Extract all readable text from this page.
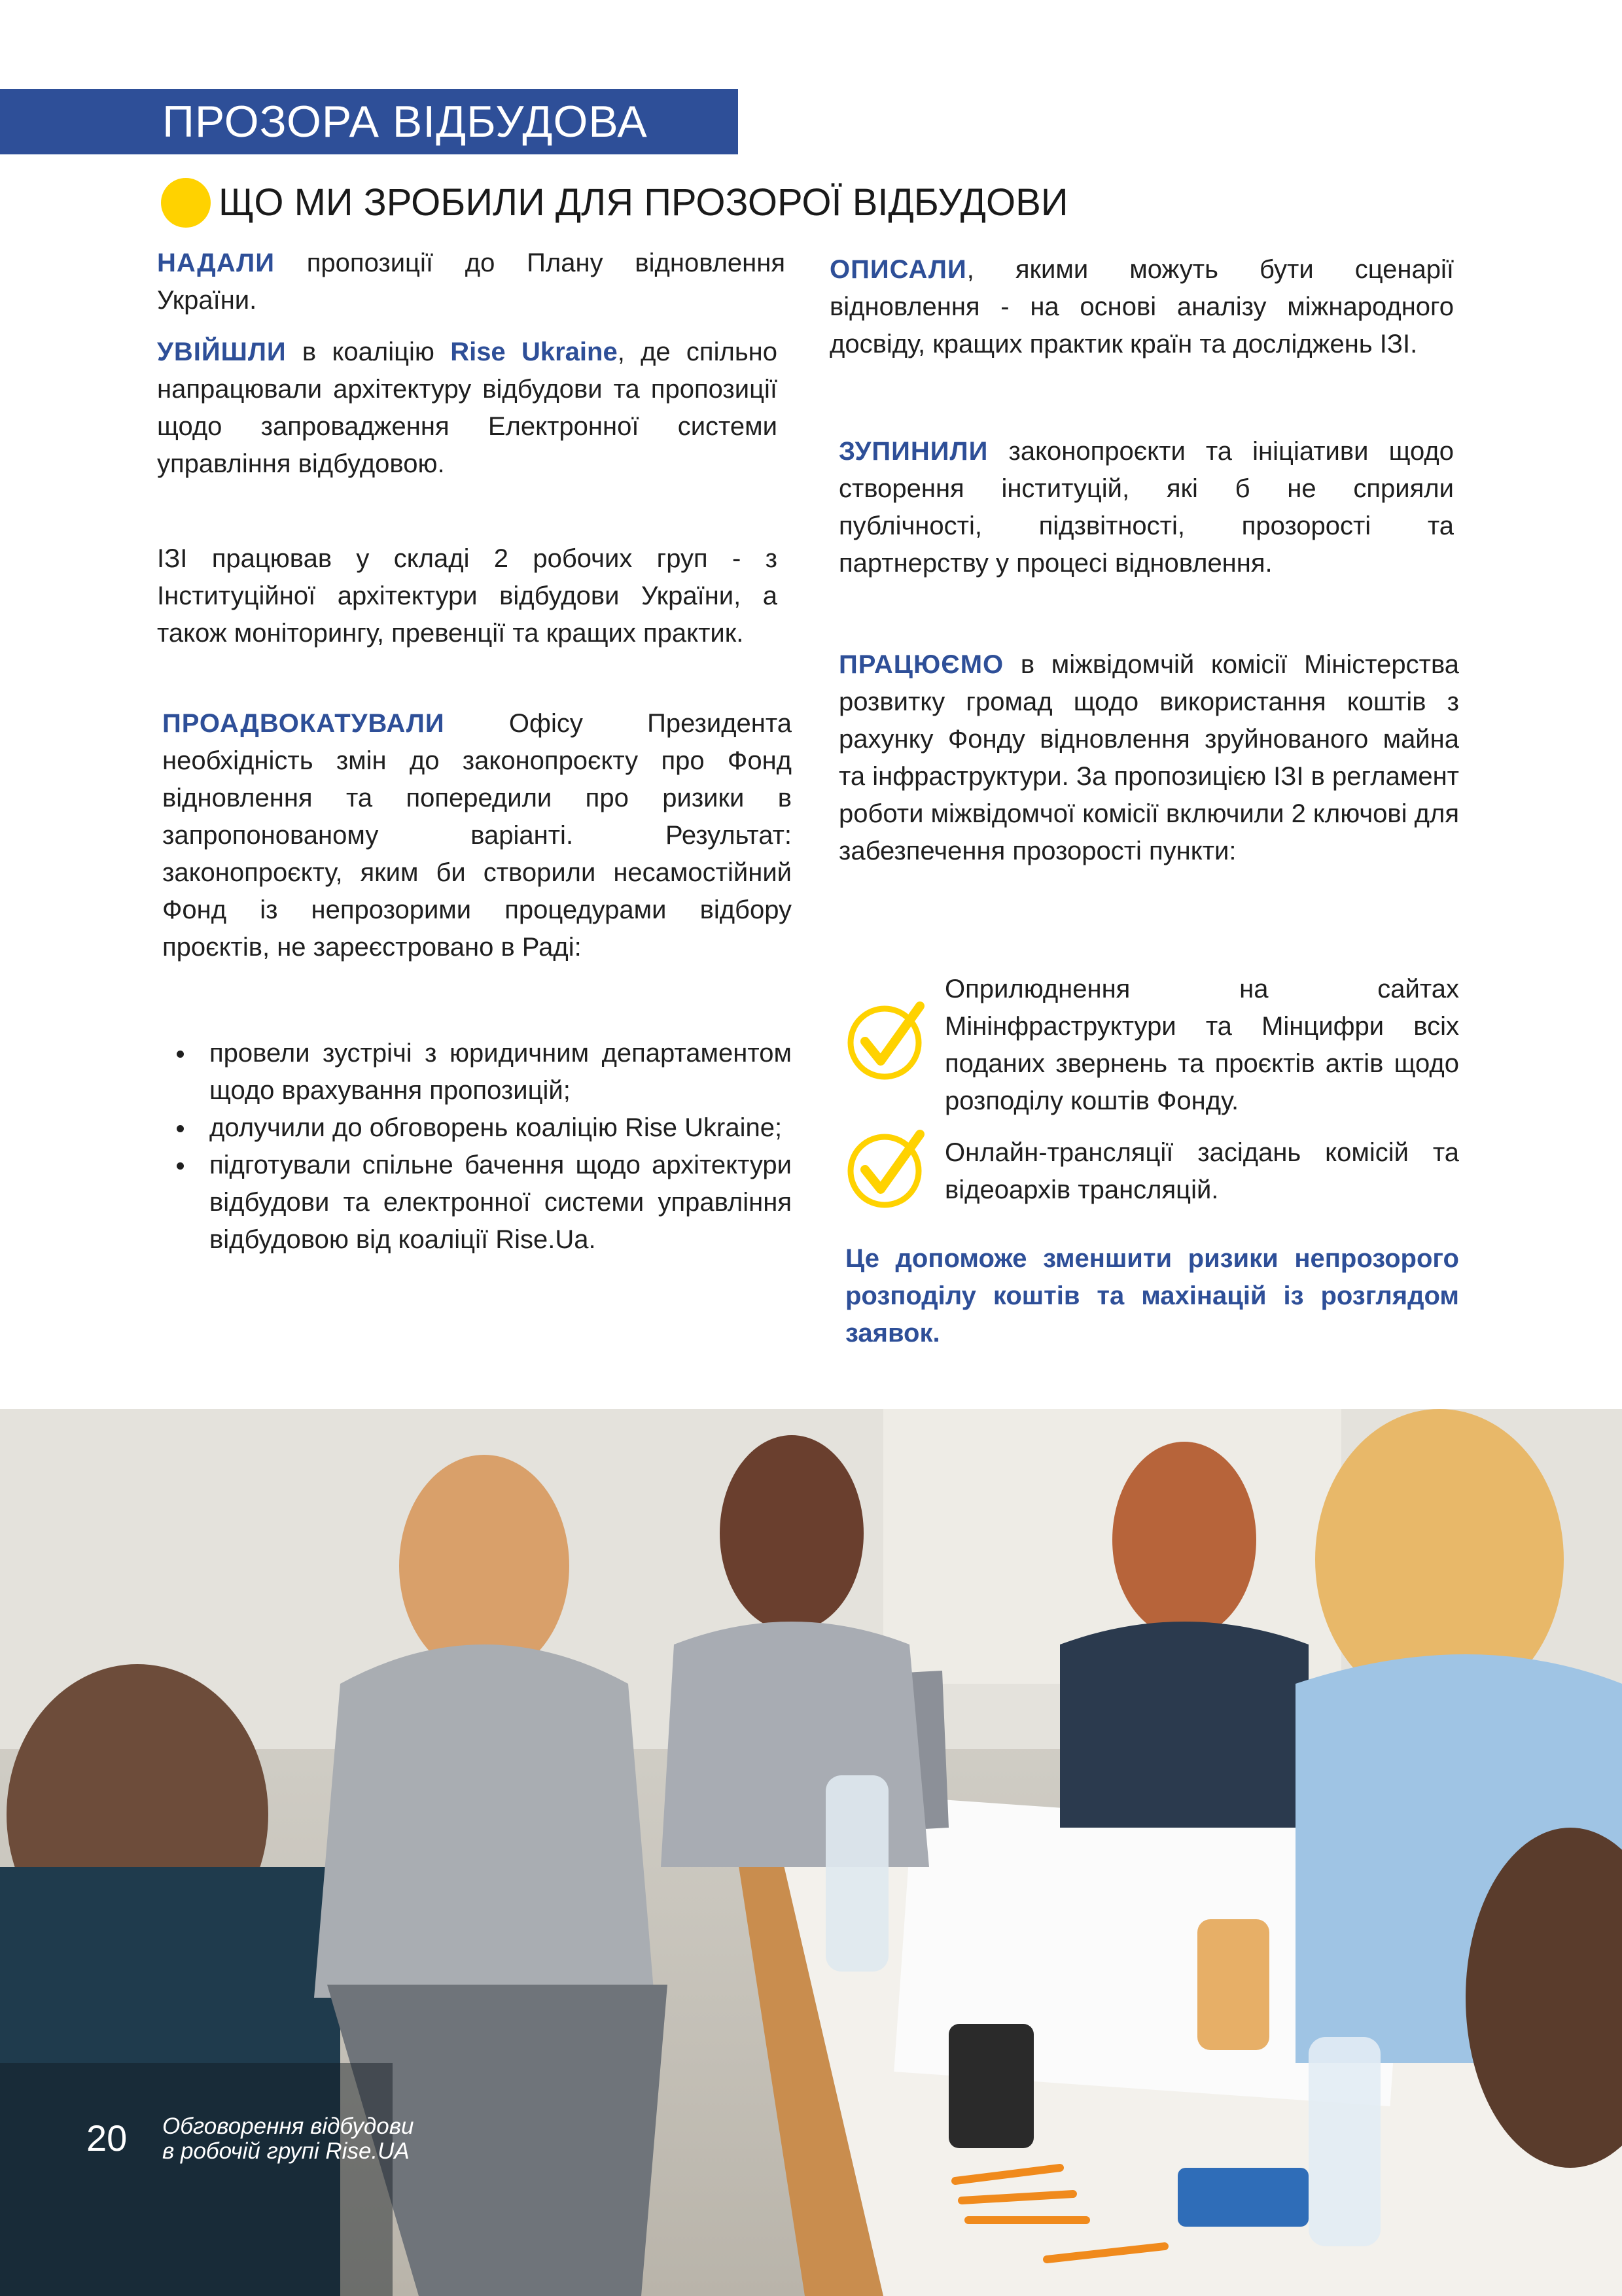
ПРОЗОРА ВІДБУДОВА
ЩО МИ ЗРОБИЛИ ДЛЯ ПРОЗОРОЇ ВІДБУДОВИ

НАДАЛИ пропозиції до Плану відновлення України.

УВІЙШЛИ в коаліцію Rise Ukraine, де спільно напрацювали архітектуру відбудови та пропозиції щодо запровадження Електронної системи управління відбудовою.

ІЗІ працював у складі 2 робочих груп - з Інституційної архітектури відбудови України, а також моніторингу, превенції та кращих практик.

ПРОАДВОКАТУВАЛИ Офісу Президента необхідність змін до законопроєкту про Фонд відновлення та попередили про ризики в запропонованому варіанті. Результат: законопроєкту, яким би створили несамостійний Фонд із непрозорими процедурами відбору проєктів, не зареєстровано в Раді:

провели зустрічі з юридичним департаментом щодо врахування пропозицій;
долучили до обговорень коаліцію Rise Ukraine;
підготували спільне бачення щодо архітектури відбудови та електронної системи управління відбудовою від коаліції Rise.Ua.

ОПИСАЛИ, якими можуть бути сценарії відновлення - на основі аналізу міжнародного досвіду, кращих практик країн та досліджень ІЗІ.

ЗУПИНИЛИ законопроєкти та ініціативи щодо створення інституцій, які б не сприяли публічності, підзвітності, прозорості та партнерству у процесі відновлення.

ПРАЦЮЄМО в міжвідомчій комісії Міністерства розвитку громад щодо використання коштів з рахунку Фонду відновлення зруйнованого майна та інфраструктури. За пропозицією ІЗІ в регламент роботи міжвідомчої комісії включили 2 ключові для забезпечення прозорості пункти:

Оприлюднення на сайтах Мінінфраструктури та Мінцифри всіх поданих звернень та проєктів актів щодо розподілу коштів Фонду.

Онлайн-трансляції засідань комісій та відеоархів трансляцій.

Це допоможе зменшити ризики непрозорого розподілу коштів та махінацій із розглядом заявок.

20 Обговорення відбудови
в робочій групі Rise.UA
